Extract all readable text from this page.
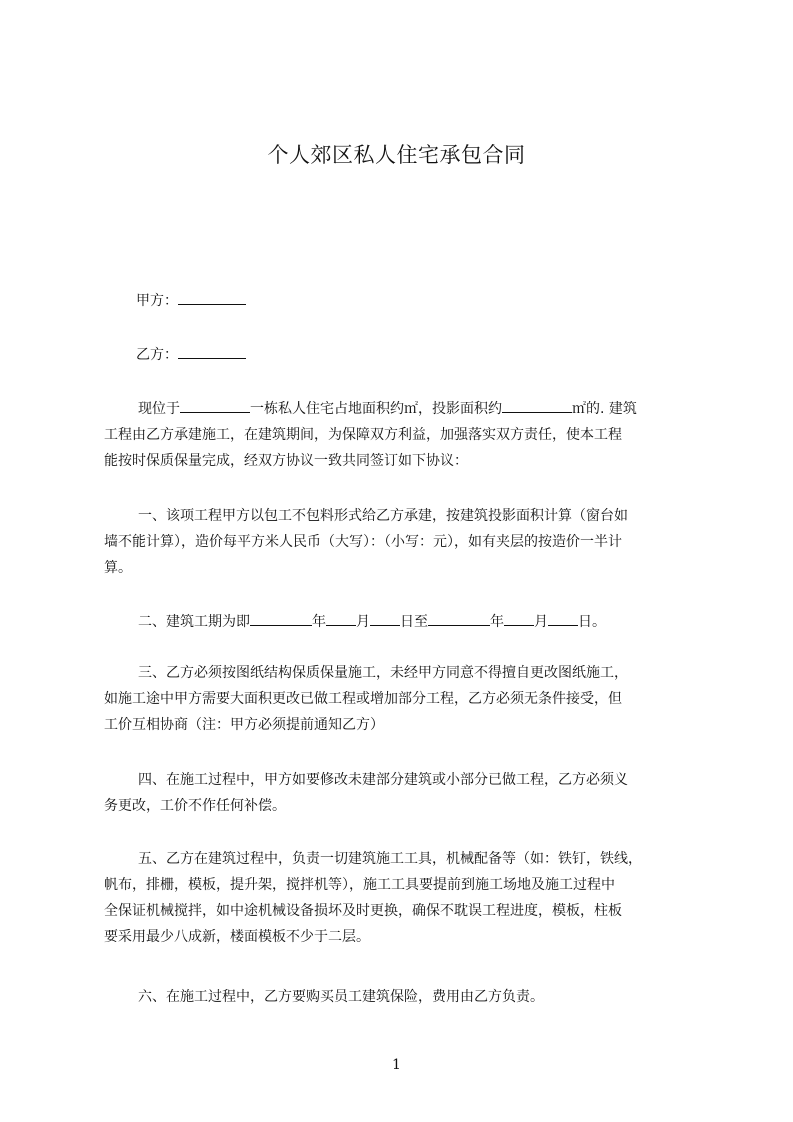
个人郊区私人住宅承包合同
甲方：
乙方：
现位于	一栋私人住宅占地面积约㎡，投影面积约	㎡的. 建筑
工程由乙方承建施工，在建筑期间，为保障双方利益，加强落实双方责任，使本工程
能按时保质保量完成，经双方协议一致共同签订如下协议：
一、该项工程甲方以包工不包料形式给乙方承建，按建筑投影面积计算（窗台如
墙不能计算），造价每平方米人民币（大写）：（小写：元），如有夹层的按造价一半计
算。
二、建筑工期为即	年 月 日至	年 月 日。
三、乙方必须按图纸结构保质保量施工，未经甲方同意不得擅自更改图纸施工，
如施工途中甲方需要大面积更改已做工程或增加部分工程，乙方必须无条件接受，但
工价互相协商（注：甲方必须提前通知乙方）
四、在施工过程中，甲方如要修改未建部分建筑或小部分已做工程，乙方必须义
务更改，工价不作任何补偿。
五、乙方在建筑过程中，负责一切建筑施工工具，机械配备等（如：铁钉，铁线，
帆布，排栅，模板，提升架，搅拌机等），施工工具要提前到施工场地及施工过程中
全保证机械搅拌，如中途机械设备损坏及时更换，确保不耽误工程进度，模板，柱板
要采用最少八成新，楼面模板不少于二层。
六、在施工过程中，乙方要购买员工建筑保险，费用由乙方负责。
1
